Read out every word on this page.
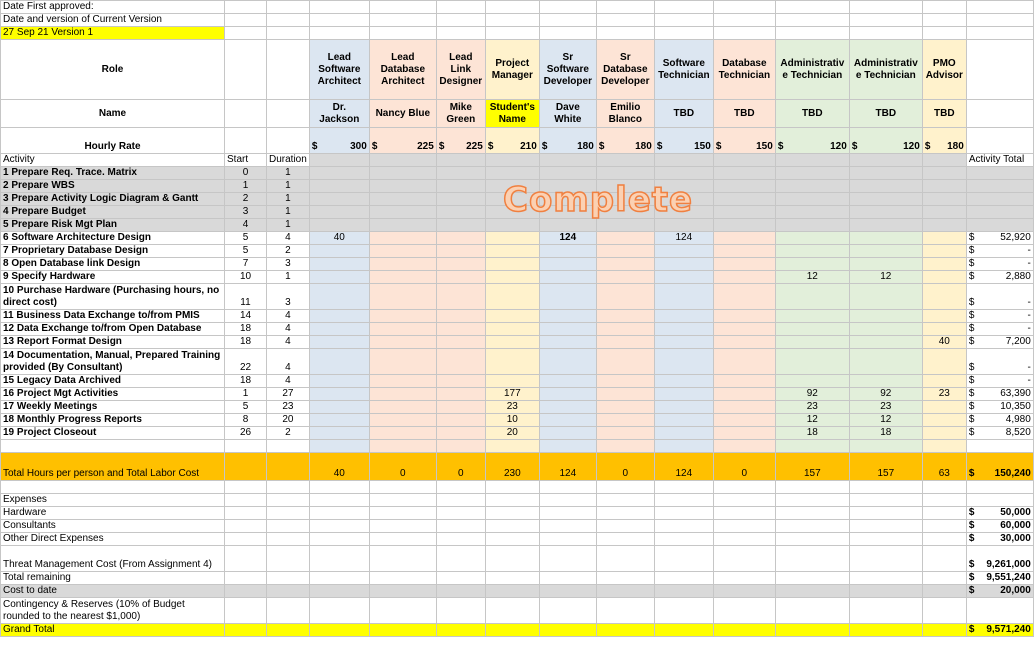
Date First approved:														
Date and version of Current Version														
27 Sep 21 Version 1														
Role			Lead Software Architect	Lead Database Architect	Lead Link Designer	Project Manager	Sr Software Developer	Sr Database Developer	Software Technician	Database Technician	Administrativ e Technician	Administrativ e Technician	PMO Advisor	
Name			Dr. Jackson	Nancy Blue	Mike Green	Student's Name	Dave White	Emilio Blanco	TBD	TBD	TBD	TBD	TBD	
Hourly Rate			$ 300	$ 225	$ 225	$ 210	$ 180	$ 180	$ 150	$ 150	$ 120	$ 120	$ 180	

Activity	Start	Duration												Activity Total
1 Prepare Req. Trace. Matrix	0	1												
2 Prepare WBS	1	1												
3 Prepare Activity Logic Diagram & Gantt	2	1												
4 Prepare Budget	3	1												
5 Prepare Risk Mgt Plan	4	1												
6 Software Architecture Design	5	4	40				124		124					$ 52,920

7 Proprietary Database Design	5	2												$ -

8 Open Database link Design	7	3												$ -

9 Specify Hardware	10	1									12	12		$ 2,880

10 Purchase Hardware (Purchasing hours, no direct cost)	11	3												$ -

11 Business Data Exchange to/from PMIS	14	4												$ -

12 Data Exchange to/from Open Database	18	4												$ -

13 Report Format Design	18	4											40	$ 7,200

14 Documentation, Manual, Prepared Training provided (By Consultant)	22	4												$ -

15 Legacy Data Archived	18	4												$ -

16 Project Mgt Activities	1	27				177					92	92	23	$ 63,390

17 Weekly Meetings	5	23				23					23	23		$ 10,350

18 Monthly Progress Reports	8	20				10					12	12		$ 4,980

19 Project Closeout	26	2				20					18	18		$ 8,520

Total Hours per person and Total Labor Cost			40	0	0	230	124	0	124	0	157	157	63	$ 150,240

Expenses														
Hardware														$ 50,000

Consultants														$ 60,000

Other Direct Expenses														$ 30,000

Threat Management Cost (From Assignment 4)														$ 9,261,000

Total remaining														$ 9,551,240

Cost to date														$ 20,000

Contingency & Reserves (10% of Budget rounded to the nearest $1,000)														
Grand Total														$ 9,571,240
Complete
